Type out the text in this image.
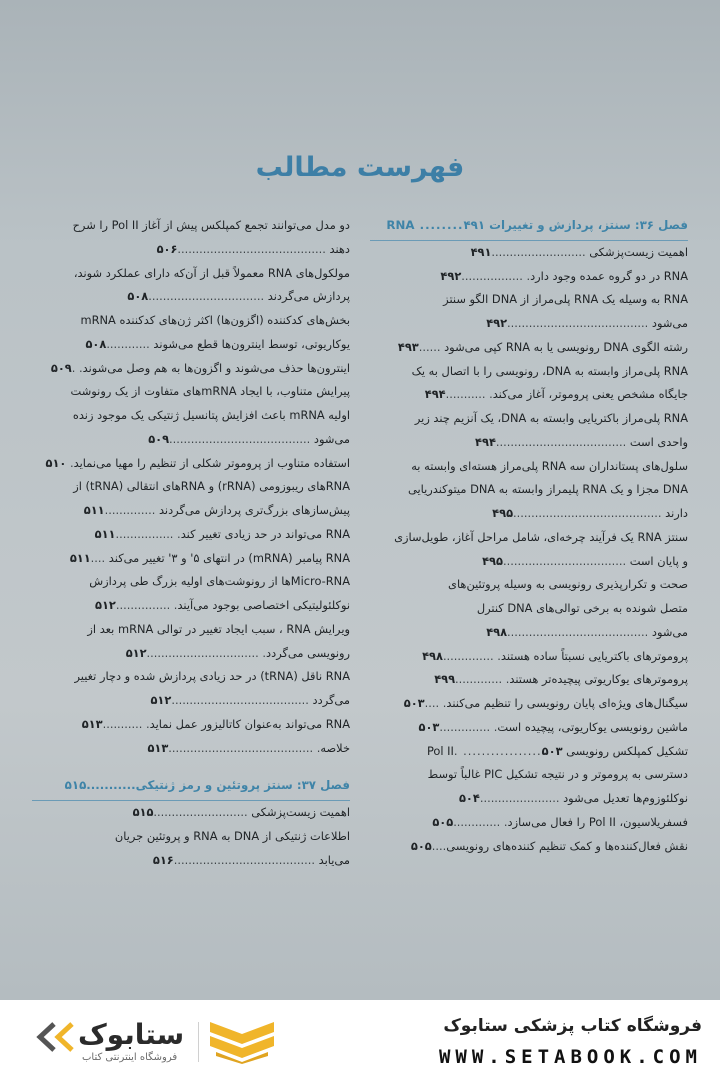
فهرست مطالب
فصل ۳۶: سنتز، پردازش و تغییرات RNA ........۴۹۱
اهمیت زیست‌پزشکی ..........................۴۹۱
RNA در دو گروه عمده وجود دارد. .................۴۹۲
RNA به وسیله یک RNA پلی‌مراز از DNA الگو سنتز
می‌شود .......................................۴۹۲
رشته الگوی DNA رونویسی یا به RNA کپی می‌شود ......۴۹۳
RNA پلی‌مراز وابسته به DNA، رونویسی را با اتصال به یک
جایگاه مشخص یعنی پروموتر، آغاز می‌کند. ...........۴۹۴
RNA پلی‌مراز باکتریایی وابسته به DNA، یک آنزیم چند زیر
واحدی است ....................................۴۹۴
سلول‌های پستانداران سه RNA پلی‌مراز هسته‌ای وابسته به
DNA مجزا و یک RNA پلیمراز وابسته به DNA میتوکندریایی
دارند .........................................۴۹۵
سنتز RNA یک فرآیند چرخه‌ای، شامل مراحل آغاز، طویل‌سازی
و پایان است ..................................۴۹۵
صحت و تکرارپذیری رونویسی به وسیله پروتئین‌های
متصل شونده به برخی توالی‌های DNA کنترل
می‌شود .......................................۴۹۸
پروموترهای باکتریایی نسبتاً ساده هستند. ..............۴۹۸
پروموترهای یوکاریوتی پیچیده‌تر هستند. .............۴۹۹
سیگنال‌های ویژه‌ای پایان رونویسی را تنظیم می‌کنند. ....۵۰۳
ماشین رونویسی یوکاریوتی، پیچیده است. ..............۵۰۳
تشکیل کمپلکس رونویسی Pol II. .................۵۰۳
دسترسی به پروموتر و در نتیجه تشکیل PIC غالباً توسط
نوکلئوزوم‌ها تعدیل می‌شود ......................۵۰۴
فسفریلاسیون، Pol II را فعال می‌سازد. .............۵۰۵
نقش فعال‌کننده‌ها و کمک تنظیم کننده‌های رونویسی....۵۰۵
دو مدل می‌توانند تجمع کمپلکس پیش از آغاز Pol II را شرح
دهند .........................................۵۰۶
مولکول‌های RNA معمولاً قبل از آن‌که دارای عملکرد شوند،
پردازش می‌گردند ................................۵۰۸
بخش‌های کدکننده (اگزون‌ها) اکثر ژن‌های کدکننده mRNA
یوکاریوتی، توسط اینترون‌ها قطع می‌شوند ............۵۰۸
اینترون‌ها حذف می‌شوند و اگزون‌ها به هم وصل می‌شوند. .۵۰۹
پیرایش متناوب، با ایجاد mRNAهای متفاوت از یک رونوشت
اولیه mRNA باعث افزایش پتانسیل ژنتیکی یک موجود زنده
می‌شود .......................................۵۰۹
استفاده متناوب از پروموتر شکلی از تنظیم را مهیا می‌نماید. ۵۱۰
RNAهای ریبوزومی (rRNA) و RNAهای انتقالی (tRNA) از
پیش‌سازهای بزرگ‌تری پردازش می‌گردند ..............۵۱۱
RNA می‌تواند در حد زیادی تغییر کند. ................۵۱۱
RNA پیامبر (mRNA) در انتهای ۵' و ۳' تغییر می‌کند ....۵۱۱
Micro-RNAها از رونوشت‌های اولیه بزرگ طی پردازش
نوکلئولیتیکی اختصاصی بوجود می‌آیند. ...............۵۱۲
ویرایش RNA ، سبب ایجاد تغییر در توالی mRNA بعد از
رونویسی می‌گردد. ...............................۵۱۲
RNA ناقل (tRNA) در حد زیادی پردازش شده و دچار تغییر
می‌گردد ......................................۵۱۲
RNA می‌تواند به‌عنوان کاتالیزور عمل نماید. ...........۵۱۳
خلاصه. ........................................۵۱۳
فصل ۳۷: سنتز پروتئین و رمز ژنتیکی...........۵۱۵
اهمیت زیست‌پزشکی ..........................۵۱۵
اطلاعات ژنتیکی از DNA به RNA و پروتئین جریان
می‌یابد .......................................۵۱۶
فروشگاه کتاب پزشکی ستابوک
WWW.SETABOOK.COM
ستابوک
فروشگاه اینترنتی کتاب
